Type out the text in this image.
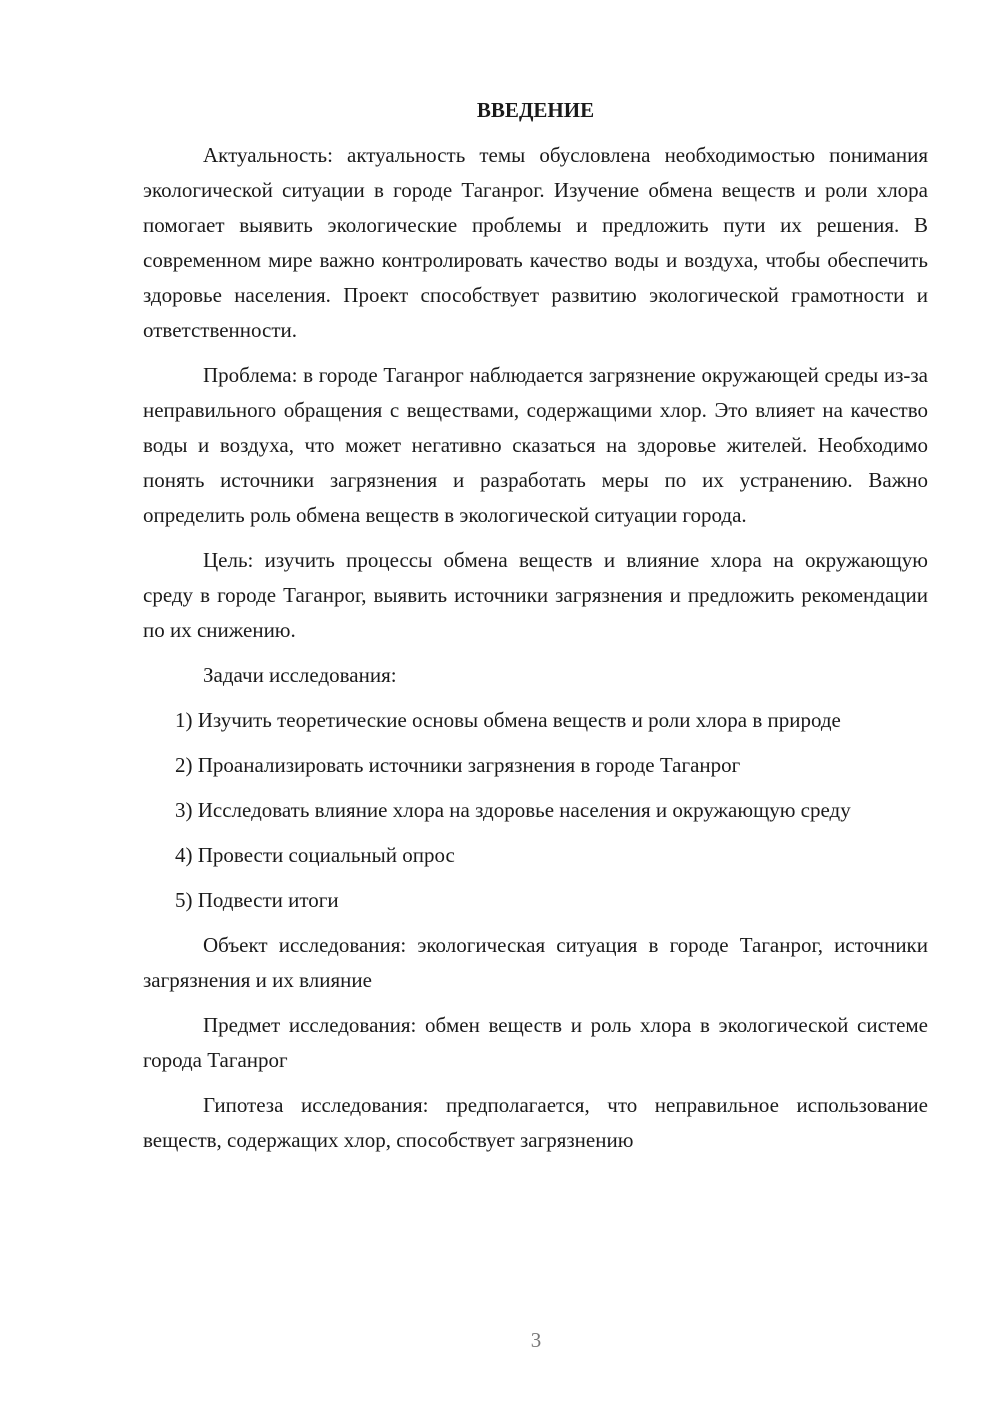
ВВЕДЕНИЕ

Актуальность: актуальность темы обусловлена необходимостью понимания экологической ситуации в городе Таганрог. Изучение обмена веществ и роли хлора помогает выявить экологические проблемы и предложить пути их решения. В современном мире важно контролировать качество воды и воздуха, чтобы обеспечить здоровье населения. Проект способствует развитию экологической грамотности и ответственности.

Проблема: в городе Таганрог наблюдается загрязнение окружающей среды из-за неправильного обращения с веществами, содержащими хлор. Это влияет на качество воды и воздуха, что может негативно сказаться на здоровье жителей. Необходимо понять источники загрязнения и разработать меры по их устранению. Важно определить роль обмена веществ в экологической ситуации города.

Цель: изучить процессы обмена веществ и влияние хлора на окружающую среду в городе Таганрог, выявить источники загрязнения и предложить рекомендации по их снижению.

Задачи исследования:

1) Изучить теоретические основы обмена веществ и роли хлора в природе

2) Проанализировать источники загрязнения в городе Таганрог

3) Исследовать влияние хлора на здоровье населения и окружающую среду

4) Провести социальный опрос

5) Подвести итоги

Объект исследования: экологическая ситуация в городе Таганрог, источники загрязнения и их влияние

Предмет исследования: обмен веществ и роль хлора в экологической системе города Таганрог

Гипотеза исследования: предполагается, что неправильное использование веществ, содержащих хлор, способствует загрязнению

3
